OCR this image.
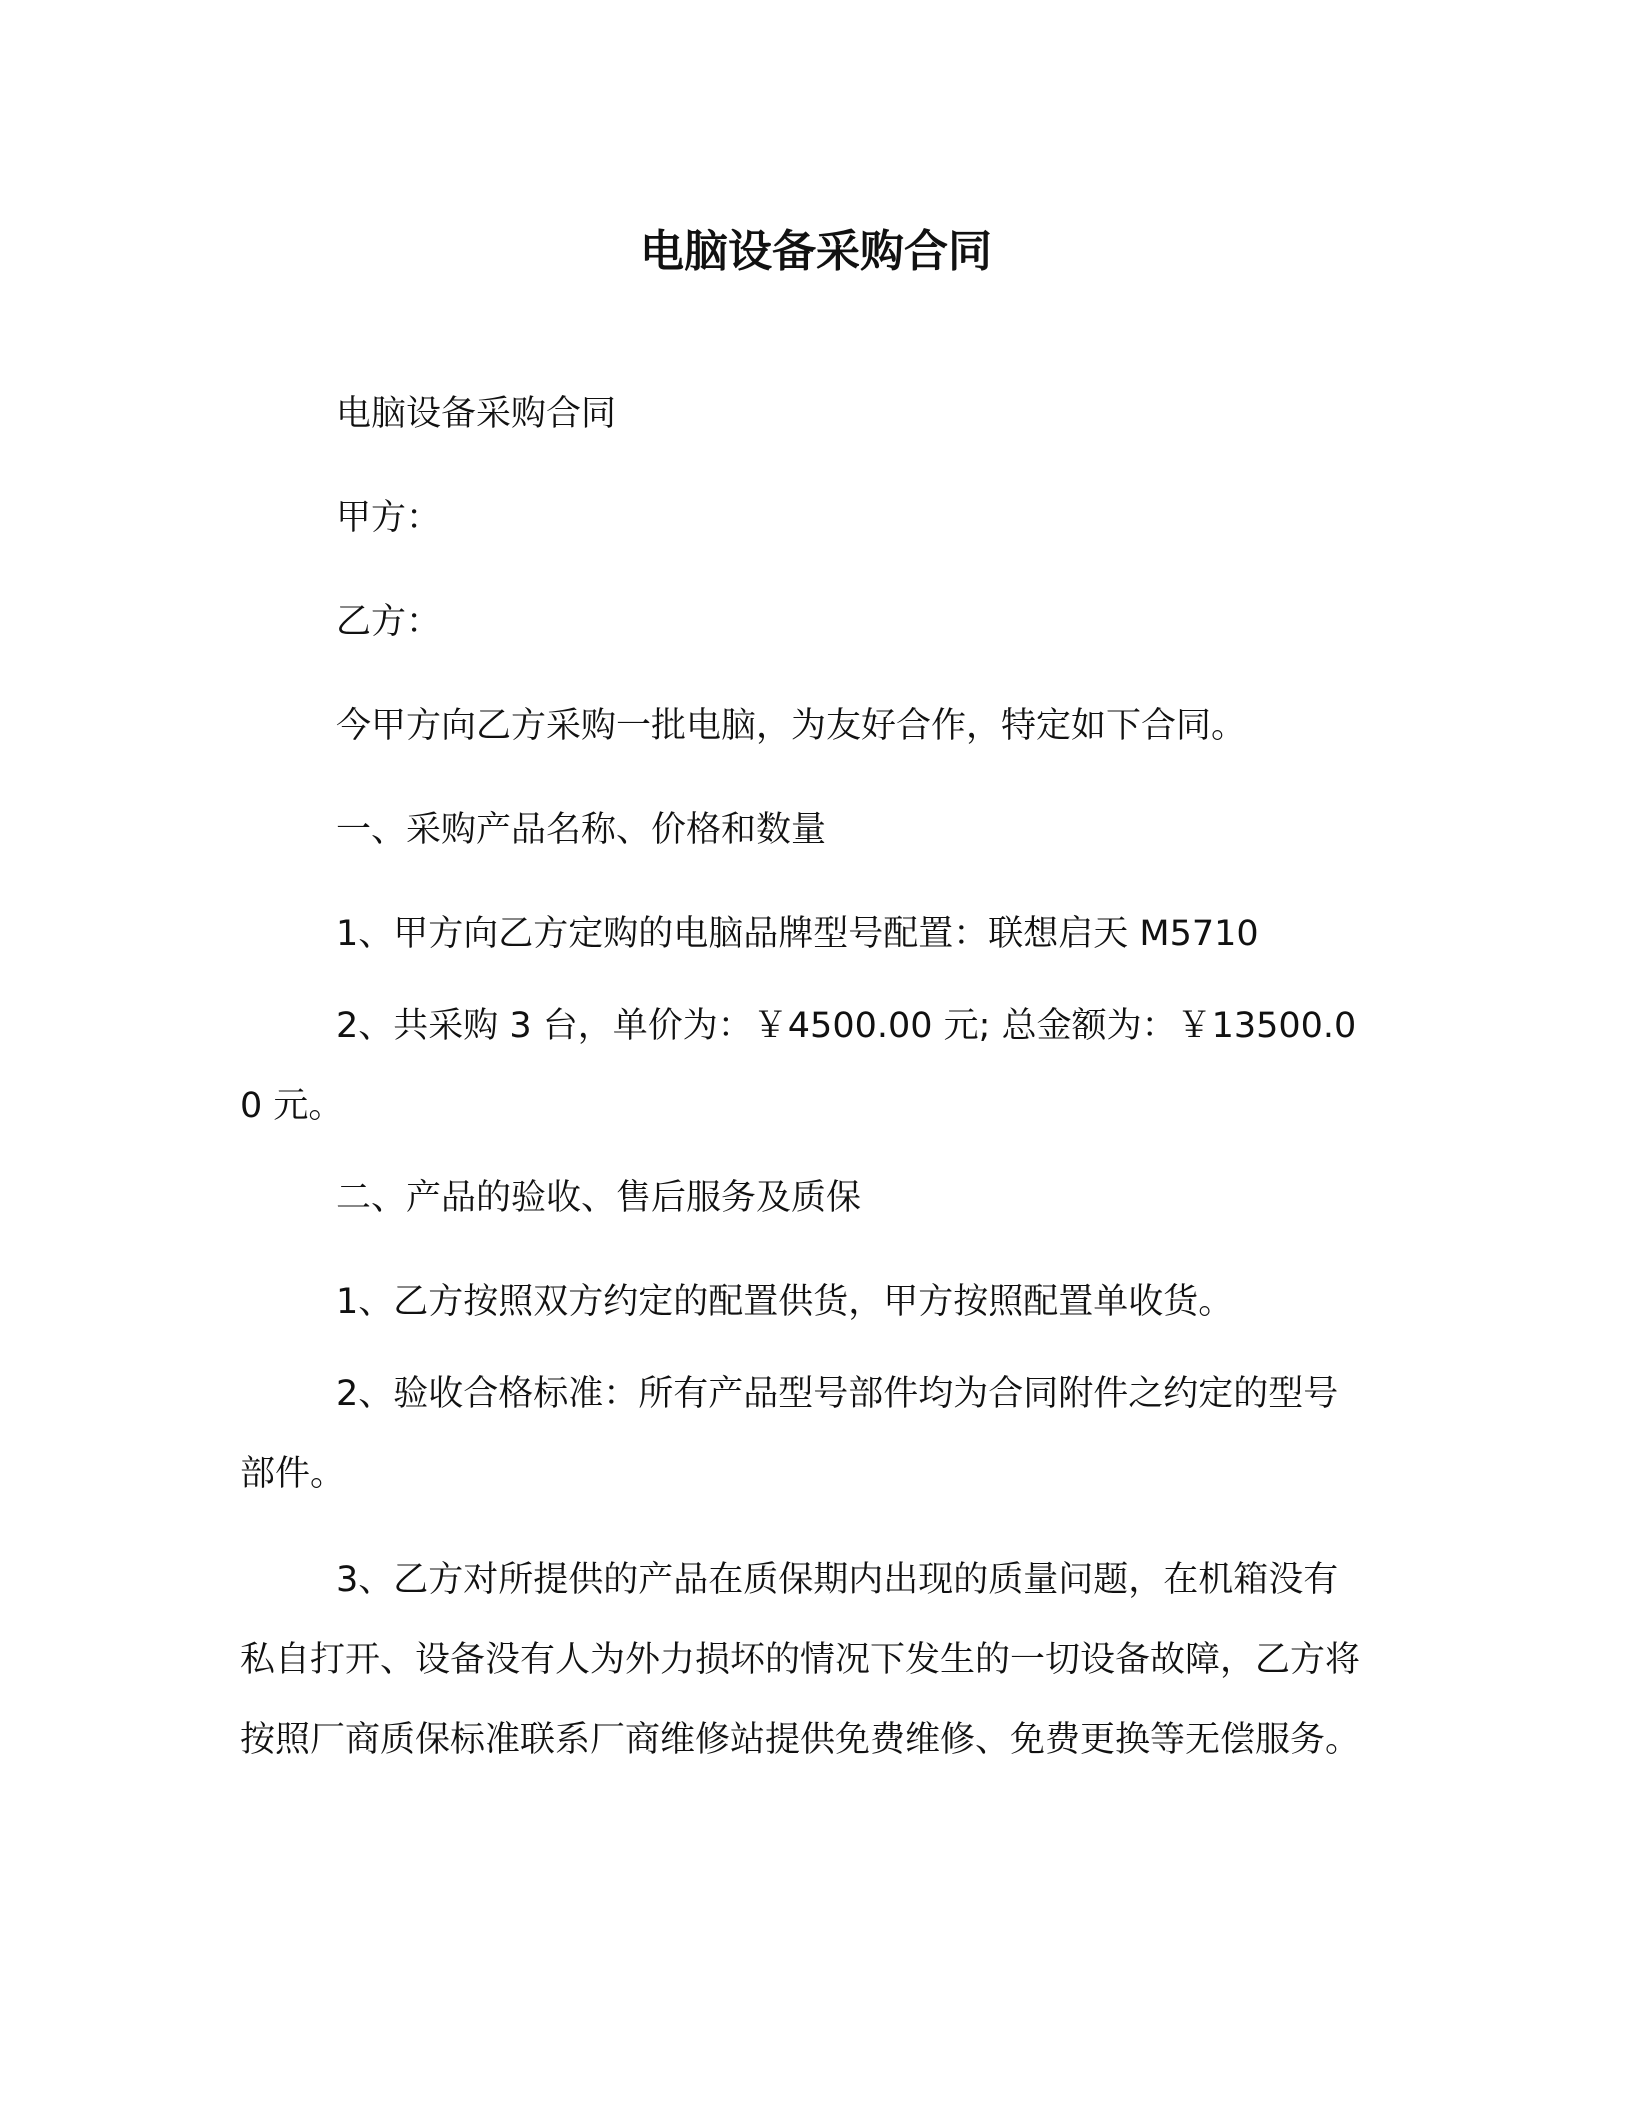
电脑设备采购合同

电脑设备采购合同

甲方：

乙方：

今甲方向乙方采购一批电脑，为友好合作，特定如下合同。

一、采购产品名称、价格和数量

1、甲方向乙方定购的电脑品牌型号配置：联想启天 M5710

2、共采购 3 台，单价为：￥4500.00 元; 总金额为：￥13500.00 元。

二、产品的验收、售后服务及质保

1、乙方按照双方约定的配置供货，甲方按照配置单收货。

2、验收合格标准：所有产品型号部件均为合同附件之约定的型号部件。

3、乙方对所提供的产品在质保期内出现的质量问题，在机箱没有私自打开、设备没有人为外力损坏的情况下发生的一切设备故障，乙方将按照厂商质保标准联系厂商维修站提供免费维修、免费更换等无偿服务。
